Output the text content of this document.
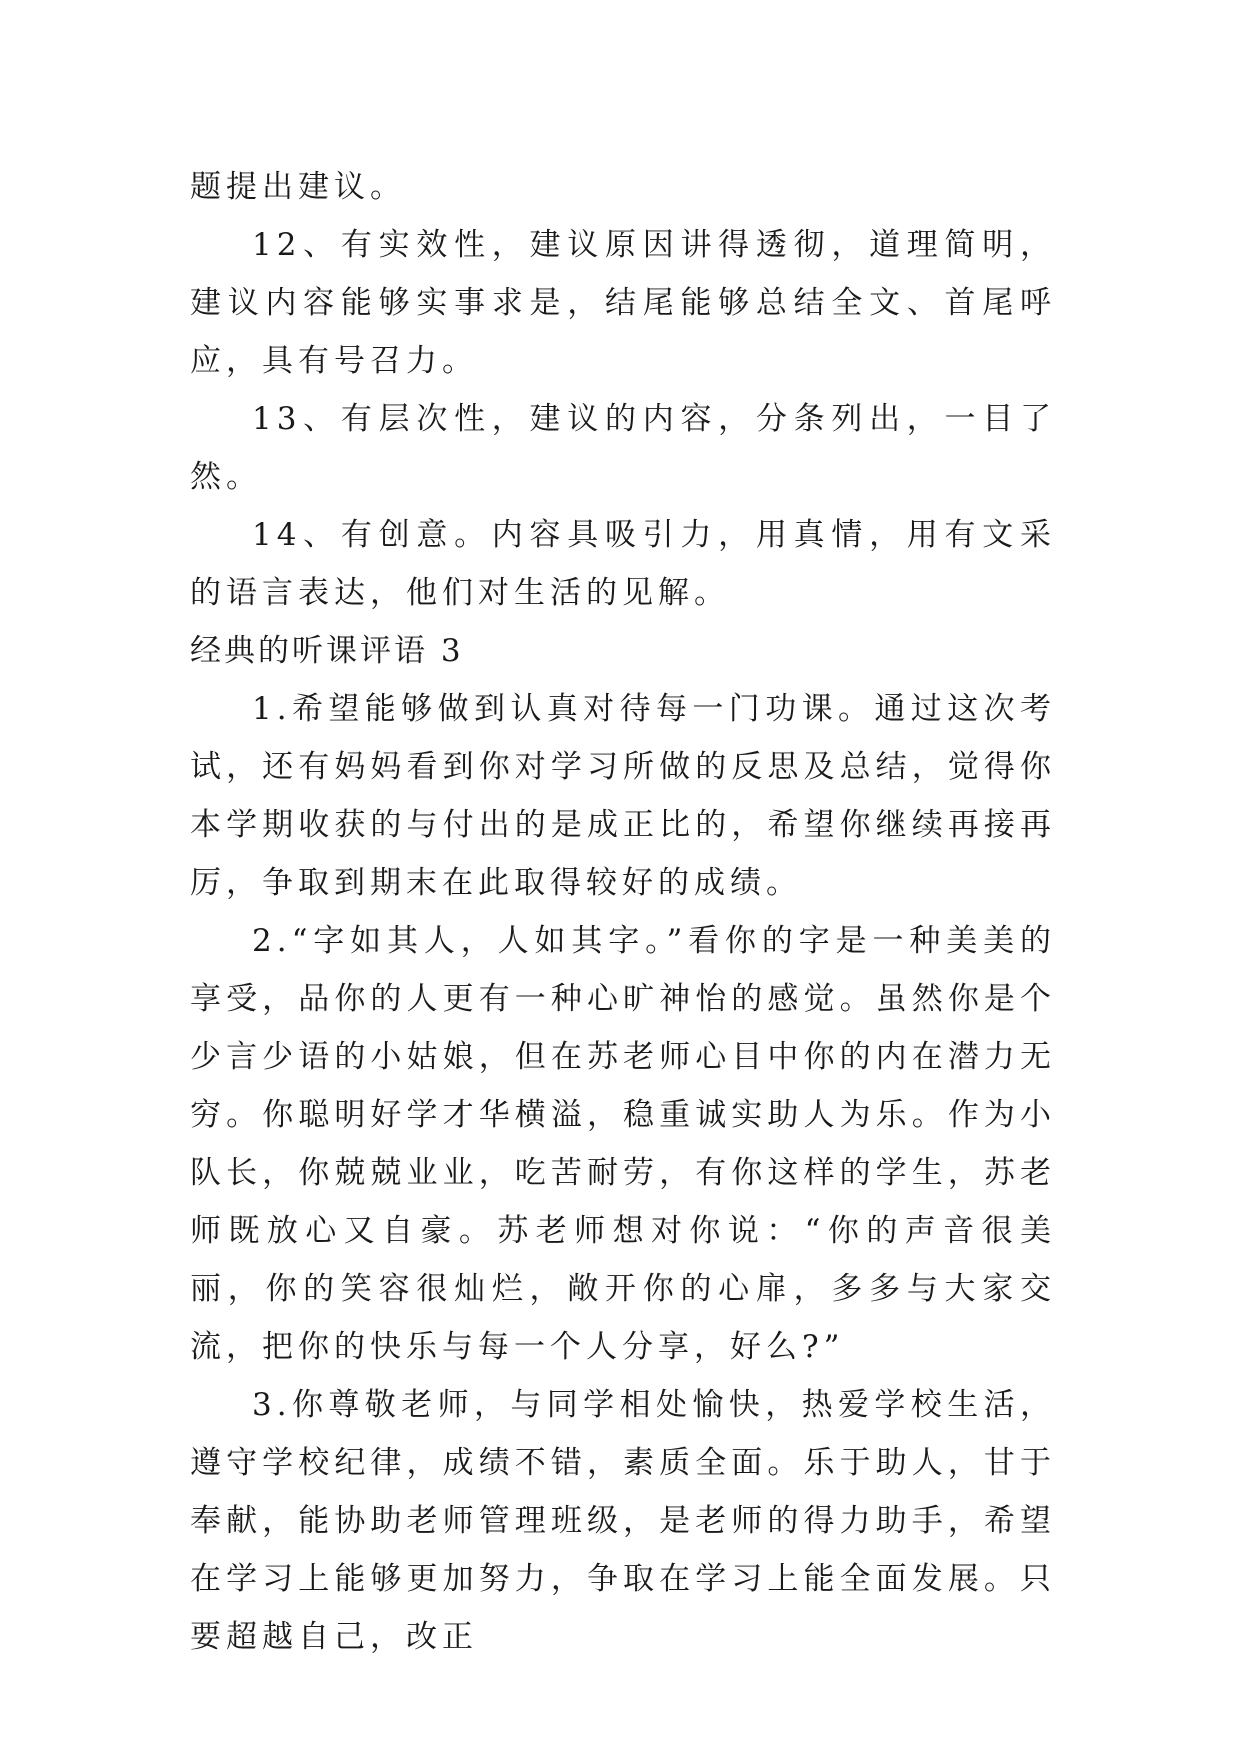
题提出建议。

12、有实效性，建议原因讲得透彻，道理简明，建议内容能够实事求是，结尾能够总结全文、首尾呼应，具有号召力。

13、有层次性，建议的内容，分条列出，一目了然。

14、有创意。内容具吸引力，用真情，用有文采的语言表达，他们对生活的见解。

经典的听课评语 3

1.希望能够做到认真对待每一门功课。通过这次考试，还有妈妈看到你对学习所做的反思及总结，觉得你本学期收获的与付出的是成正比的，希望你继续再接再厉，争取到期末在此取得较好的成绩。

2.“字如其人，人如其字。”看你的字是一种美美的享受，品你的人更有一种心旷神怡的感觉。虽然你是个少言少语的小姑娘，但在苏老师心目中你的内在潜力无穷。你聪明好学才华横溢，稳重诚实助人为乐。作为小队长，你兢兢业业，吃苦耐劳，有你这样的学生，苏老师既放心又自豪。苏老师想对你说：“你的声音很美丽，你的笑容很灿烂，敞开你的心扉，多多与大家交流，把你的快乐与每一个人分享，好么?”

3.你尊敬老师，与同学相处愉快，热爱学校生活，遵守学校纪律，成绩不错，素质全面。乐于助人，甘于奉献，能协助老师管理班级，是老师的得力助手，希望在学习上能够更加努力，争取在学习上能全面发展。只要超越自己，改正
